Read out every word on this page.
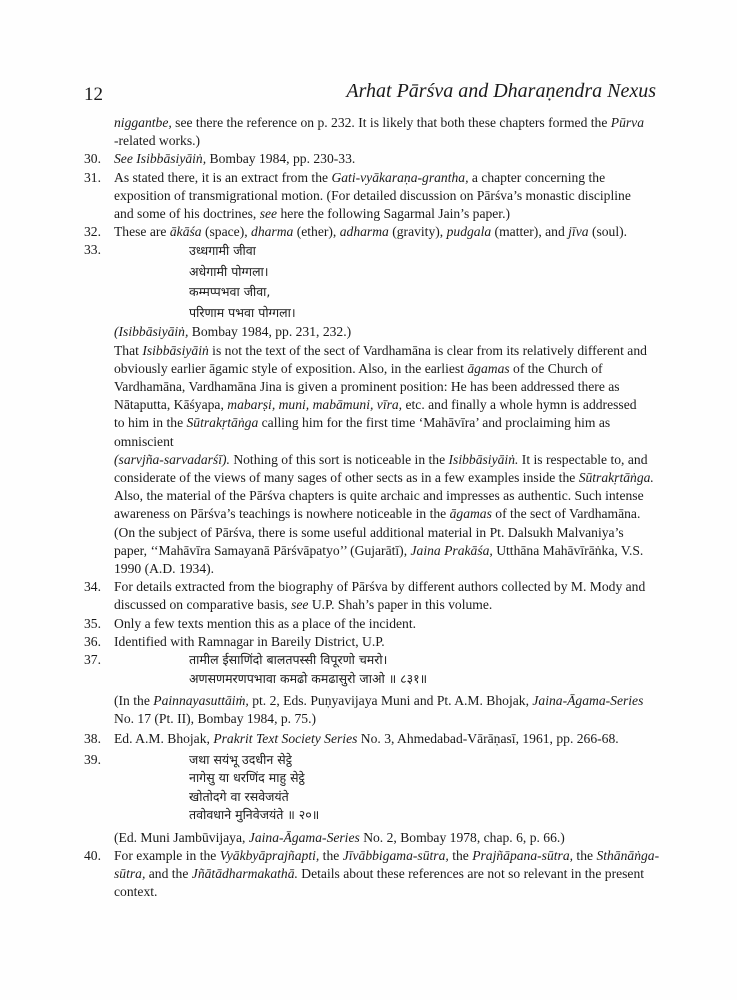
12	Arhat Pārśva and Dharaṇendra Nexus
niggantbe, see there the reference on p. 232. It is likely that both these chapters formed the Pūrva
-related works.)
30. See Isibbāsiyāiṅ, Bombay 1984, pp. 230-33.
31. As stated there, it is an extract from the Gati-vyākaraṇa-grantha, a chapter concerning the
exposition of transmigrational motion. (For detailed discussion on Pārśva’s monastic discipline
and some of his doctrines, see here the following Sagarmal Jain’s paper.)
32. These are ākāśa (space), dharma (ether), adharma (gravity), pudgala (matter), and jīva (soul).
33.	उध्धगामी जीवा
अधेगामी पोग्गला।
कम्मप्पभवा जीवा,
परिणाम पभवा पोग्गला।
(Isibbāsiyāiṅ, Bombay 1984, pp. 231, 232.)
That Isibbāsiyāiṅ is not the text of the sect of Vardhamāna is clear from its relatively different and
obviously earlier āgamic style of exposition. Also, in the earliest āgamas of the Church of
Vardhamāna, Vardhamāna Jina is given a prominent position: He has been addressed there as
Nātaputta, Kāśyapa, mabarṣi, muni, mabāmuni, vīra, etc. and finally a whole hymn is addressed
to him in the Sūtrakṛtāṅga calling him for the first time ‘Mahāvīra’ and proclaiming him as omniscient
(sarvjña-sarvadarśī). Nothing of this sort is noticeable in the Isibbāsiyāiṅ. It is respectable to, and
considerate of the views of many sages of other sects as in a few examples inside the Sūtrakṛtāṅga.
Also, the material of the Pārśva chapters is quite archaic and impresses as authentic. Such intense
awareness on Pārśva’s teachings is nowhere noticeable in the āgamas of the sect of Vardhamāna.
(On the subject of Pārśva, there is some useful additional material in Pt. Dalsukh Malvaniya’s
paper, ‘‘Mahāvīra Samayanā Pārśvāpatyo’’ (Gujarātī), Jaina Prakāśa, Utthāna Mahāvīrāṅka, V.S.
1990 (A.D. 1934).
34. For details extracted from the biography of Pārśva by different authors collected by M. Mody and
discussed on comparative basis, see U.P. Shah’s paper in this volume.
35. Only a few texts mention this as a place of the incident.
36. Identified with Ramnagar in Bareily District, U.P.
37.	तामील ईसाणिंदो बालतपस्सी विपूरणो चमरो।
अणसणमरणपभावा कमढो कमढासुरो जाओ ॥ ८३१॥
(In the Painnayasuttāiṁ, pt. 2, Eds. Puṇyavijaya Muni and Pt. A.M. Bhojak, Jaina-Āgama-Series
No. 17 (Pt. II), Bombay 1984, p. 75.)
38. Ed. A.M. Bhojak, Prakrit Text Society Series No. 3, Ahmedabad-Vārāṇasī, 1961, pp. 266-68.
39.	जथा सयंभू उदधीन सेट्ठे
नागेसु या धरणिंद माहु सेट्ठे
खोतोदगे वा रसवेजयंते
तवोवधाने मुनिवेजयंते ॥ २०॥
(Ed. Muni Jambūvijaya, Jaina-Āgama-Series No. 2, Bombay 1978, chap. 6, p. 66.)
40. For example in the Vyākbyāprajñapti, the Jīvābbigama-sūtra, the Prajñāpana-sūtra, the Sthānāṅga-
sūtra, and the Jñātādharmakathā. Details about these references are not so relevant in the present
context.
